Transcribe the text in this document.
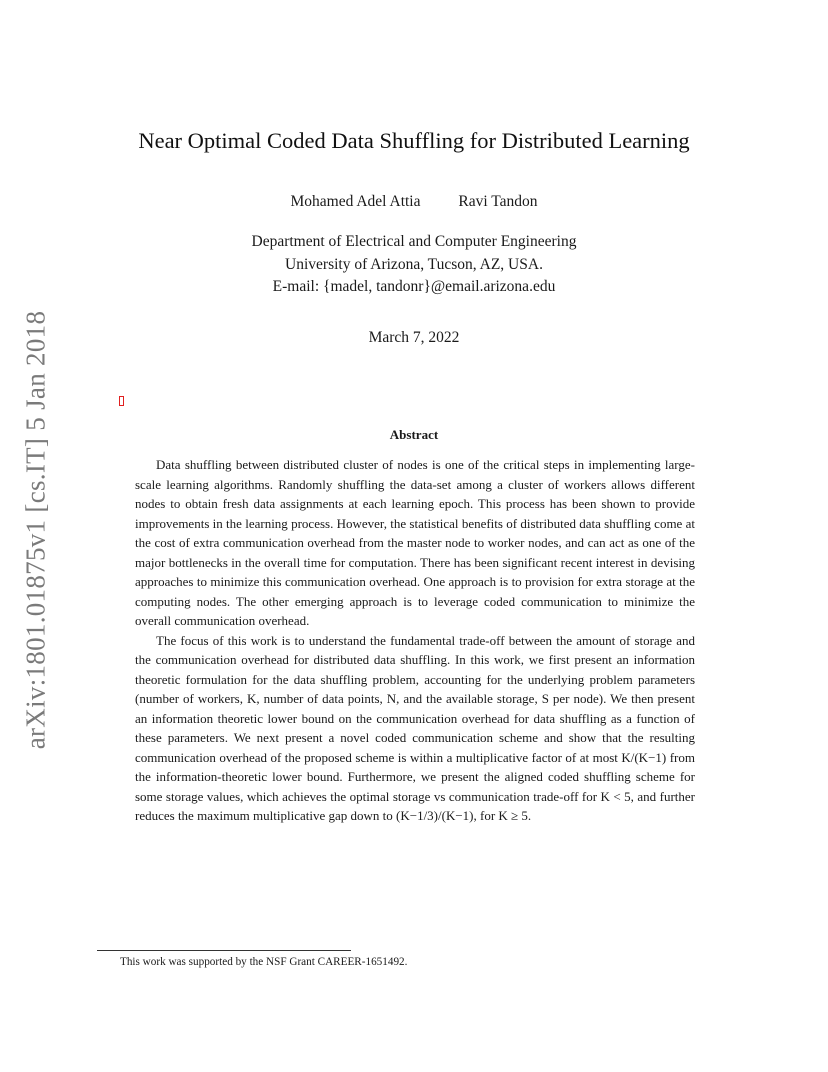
arXiv:1801.01875v1 [cs.IT] 5 Jan 2018
Near Optimal Coded Data Shuffling for Distributed Learning
Mohamed Adel Attia Ravi Tandon
Department of Electrical and Computer Engineering
University of Arizona, Tucson, AZ, USA.
E-mail: {madel, tandonr}@email.arizona.edu
March 7, 2022
Abstract

Data shuffling between distributed cluster of nodes is one of the critical steps in implementing large-scale learning algorithms. Randomly shuffling the data-set among a cluster of workers allows different nodes to obtain fresh data assignments at each learning epoch. This process has been shown to provide improvements in the learning process. However, the statistical benefits of distributed data shuffling come at the cost of extra communication overhead from the master node to worker nodes, and can act as one of the major bottlenecks in the overall time for computation. There has been significant recent interest in devising approaches to minimize this communication overhead. One approach is to provision for extra storage at the computing nodes. The other emerging approach is to leverage coded communication to minimize the overall communication overhead.

The focus of this work is to understand the fundamental trade-off between the amount of storage and the communication overhead for distributed data shuffling. In this work, we first present an information theoretic formulation for the data shuffling problem, accounting for the underlying problem parameters (number of workers, K, number of data points, N, and the available storage, S per node). We then present an information theoretic lower bound on the communication overhead for data shuffling as a function of these parameters. We next present a novel coded communication scheme and show that the resulting communication overhead of the proposed scheme is within a multiplicative factor of at most K/(K−1) from the information-theoretic lower bound. Furthermore, we present the aligned coded shuffling scheme for some storage values, which achieves the optimal storage vs communication trade-off for K < 5, and further reduces the maximum multiplicative gap down to (K−1/3)/(K−1), for K ≥ 5.

This work was supported by the NSF Grant CAREER-1651492.
